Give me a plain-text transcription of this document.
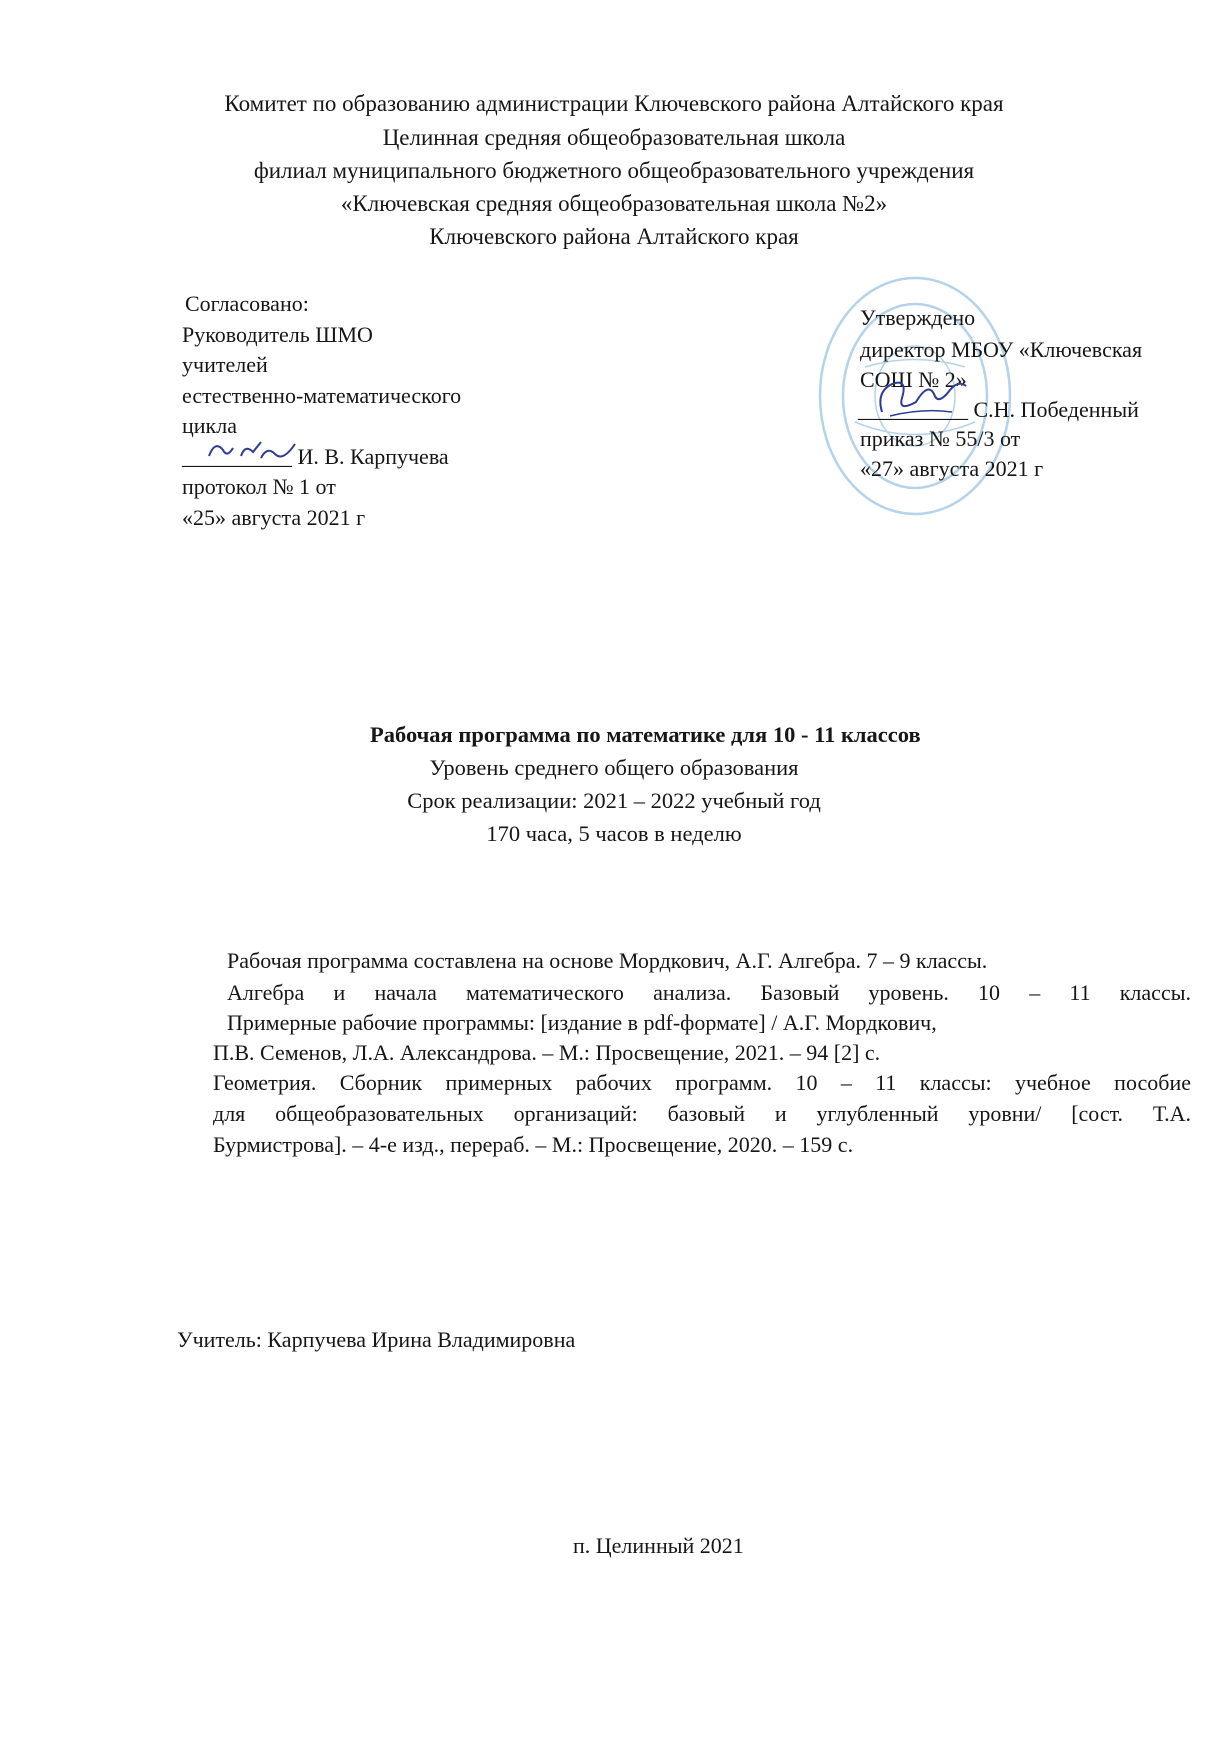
Комитет по образованию администрации Ключевского района Алтайского края
Целинная средняя общеобразовательная школа
филиал муниципального бюджетного общеобразовательного учреждения
«Ключевская средняя общеобразовательная школа №2»
Ключевского района Алтайского края
Согласовано:
Руководитель ШМО
учителей
естественно-математического
цикла
__________ И. В. Карпучева
протокол № 1 от
«25» августа 2021 г
Утверждено
директор МБОУ «Ключевская
СОШ № 2»
__________ С.Н. Победенный
приказ № 55/3 от
«27» августа 2021 г
Рабочая программа по математике для 10 - 11 классов
Уровень среднего общего образования
Срок реализации: 2021 – 2022 учебный год
170 часа, 5 часов в неделю
Рабочая программа составлена на основе Мордкович, А.Г. Алгебра. 7 – 9 классы.
Алгебра и начала математического анализа. Базовый уровень. 10 – 11 классы.
Примерные рабочие программы: [издание в pdf-формате] / А.Г. Мордкович,
П.В. Семенов, Л.А. Александрова. – М.: Просвещение, 2021. – 94 [2] с.
Геометрия. Сборник примерных рабочих программ. 10 – 11 классы: учебное пособие
для общеобразовательных организаций: базовый и углубленный уровни/ [сост. Т.А.
Бурмистрова]. – 4-е изд., перераб. – М.: Просвещение, 2020. – 159 с.
Учитель: Карпучева Ирина Владимировна
п. Целинный 2021
